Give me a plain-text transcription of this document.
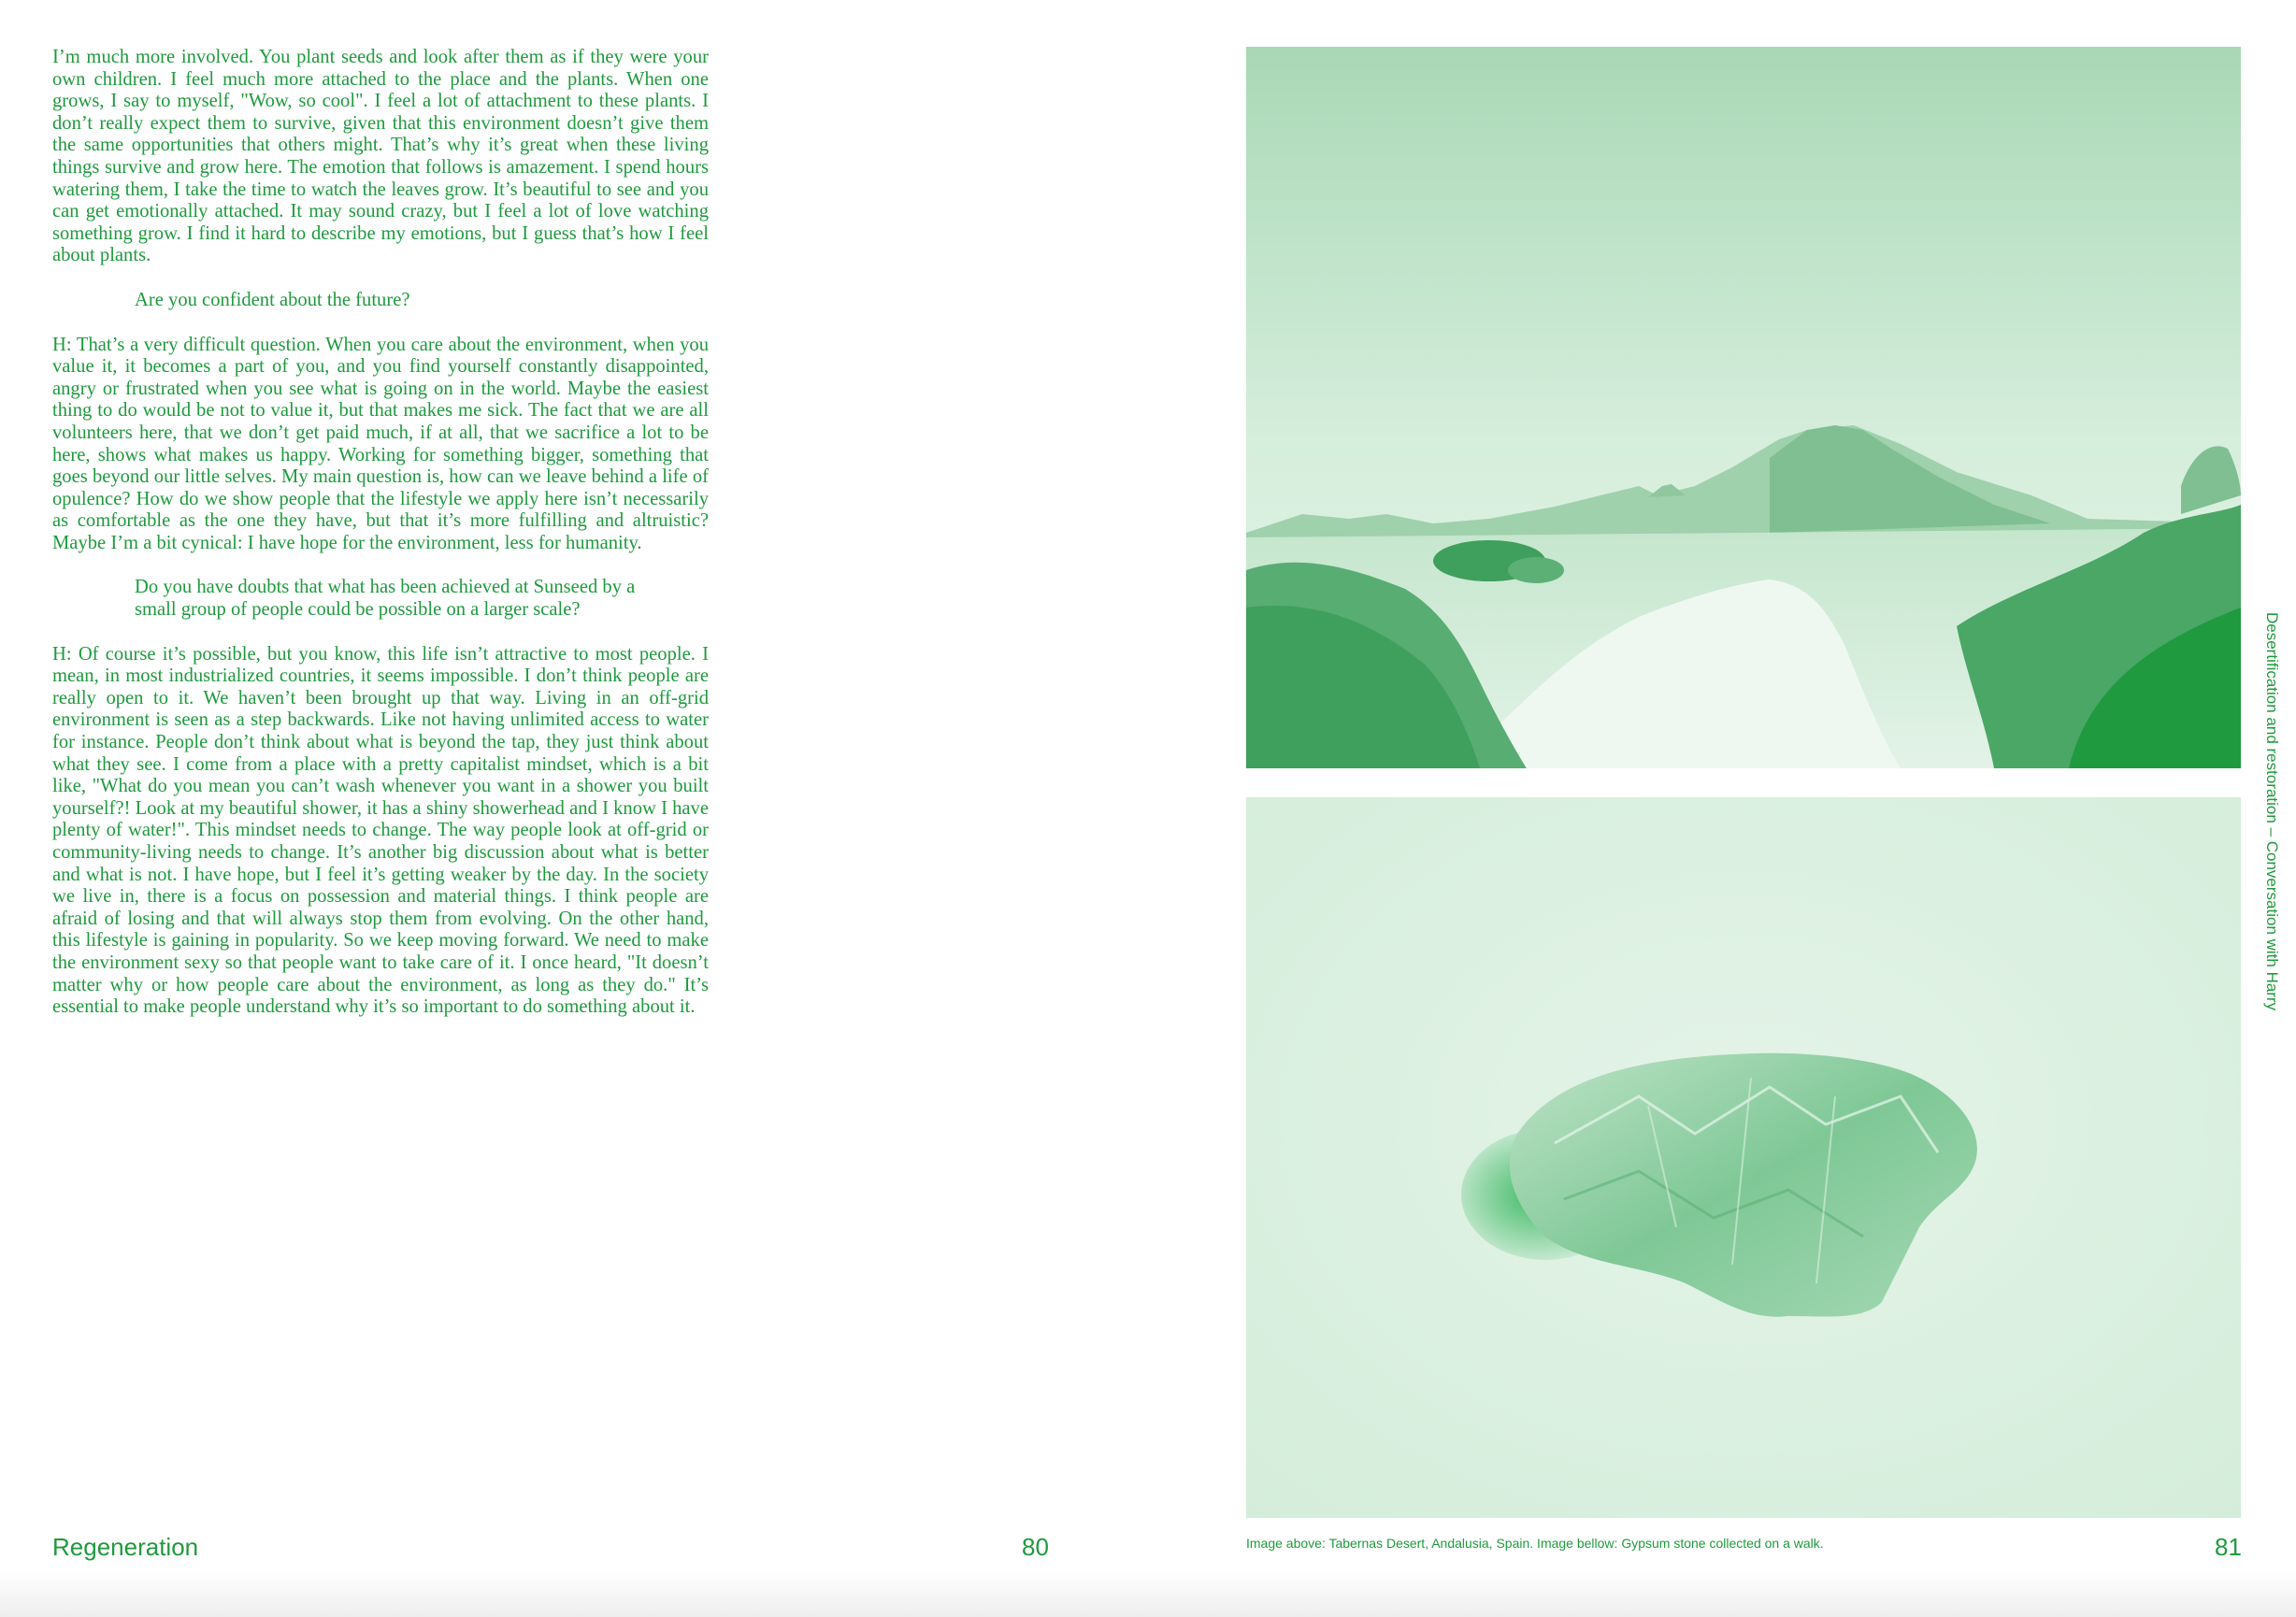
I’m much more involved. You plant seeds and look after them as if they were your own children. I feel much more attached to the place and the plants. When one grows, I say to myself, "Wow, so cool". I feel a lot of attachment to these plants. I don’t really expect them to survive, given that this environment doesn’t give them the same opportunities that others might. That’s why it’s great when these living things survive and grow here. The emotion that follows is amazement. I spend hours watering them, I take the time to watch the leaves grow. It’s beautiful to see and you can get emotionally attached. It may sound crazy, but I feel a lot of love watching something grow. I find it hard to describe my emotions, but I guess that’s how I feel about plants.

Are you confident about the future?

H: That’s a very difficult question. When you care about the environment, when you value it, it becomes a part of you, and you find yourself constantly disappointed, angry or frustrated when you see what is going on in the world. Maybe the easiest thing to do would be not to value it, but that makes me sick. The fact that we are all volunteers here, that we don’t get paid much, if at all, that we sacrifice a lot to be here, shows what makes us happy. Working for something bigger, something that goes beyond our little selves. My main question is, how can we leave behind a life of opulence? How do we show people that the lifestyle we apply here isn’t necessarily as comfortable as the one they have, but that it’s more fulfilling and altruistic? Maybe I’m a bit cynical: I have hope for the environment, less for humanity.

Do you have doubts that what has been achieved at Sunseed by a small group of people could be possible on a larger scale?

H: Of course it’s possible, but you know, this life isn’t attractive to most people. I mean, in most industrialized countries, it seems impossible. I don’t think people are really open to it. We haven’t been brought up that way. Living in an off-grid environment is seen as a step backwards. Like not having unlimited access to water for instance. People don’t think about what is beyond the tap, they just think about what they see. I come from a place with a pretty capitalist mindset, which is a bit like, "What do you mean you can’t wash whenever you want in a shower you built yourself?! Look at my beautiful shower, it has a shiny showerhead and I know I have plenty of water!". This mindset needs to change. The way people look at off-grid or community-living needs to change. It’s another big discussion about what is better and what is not. I have hope, but I feel it’s getting weaker by the day. In the society we live in, there is a focus on possession and material things. I think people are afraid of losing and that will always stop them from evolving. On the other hand, this lifestyle is gaining in popularity. So we keep moving forward. We need to make the environment sexy so that people want to take care of it. I once heard, "It doesn’t matter why or how people care about the environment, as long as they do." It’s essential to make people understand why it’s so important to do something about it.

Regeneration	80
Desertification and restoration – Conversation with Harry
Image above: Tabernas Desert, Andalusia, Spain. Image bellow: Gypsum stone collected on a walk.	81
